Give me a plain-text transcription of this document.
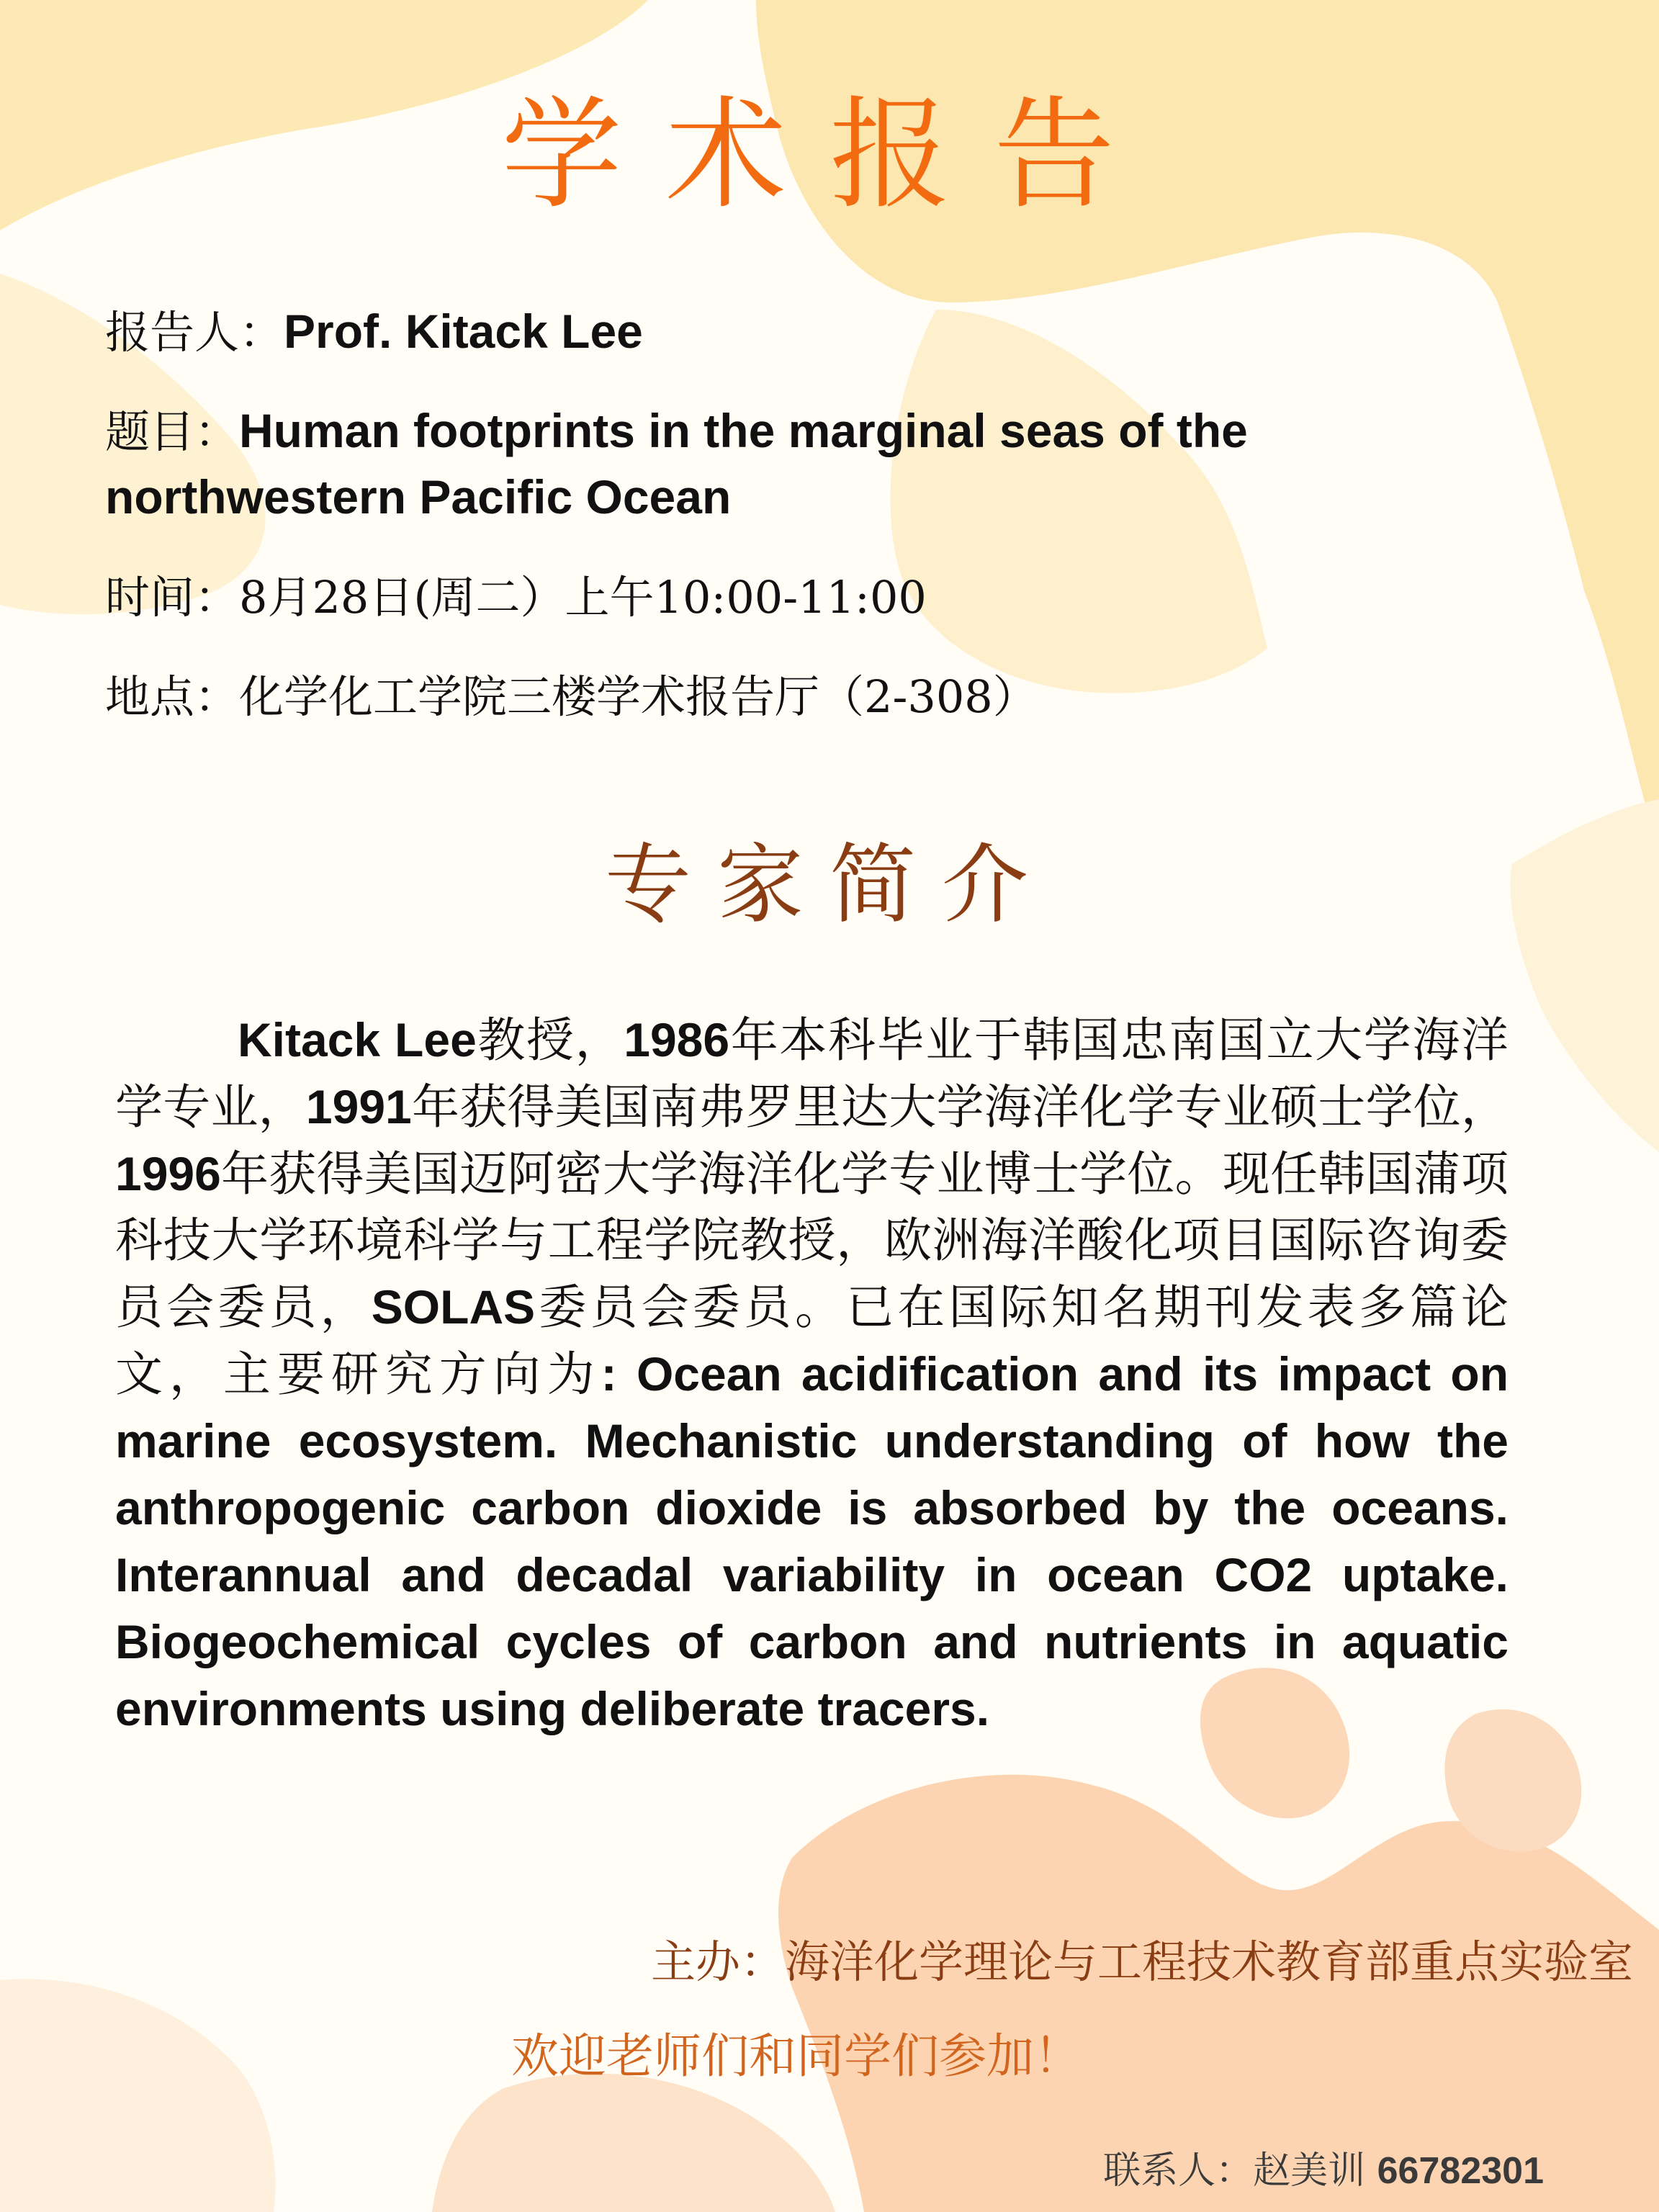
学术报告
报告人：Prof. Kitack Lee
题目：Human footprints in the marginal seas of the
northwestern Pacific Ocean
时间：8月28日(周二）上午10:00-11:00
地点：化学化工学院三楼学术报告厅（2-308）
专家简介

Kitack Lee教授，1986年本科毕业于韩国忠南国立大学海洋学专业，1991年获得美国南弗罗里达大学海洋化学专业硕士学位，1996年获得美国迈阿密大学海洋化学专业博士学位。现任韩国蒲项科技大学环境科学与工程学院教授，欧洲海洋酸化项目国际咨询委员会委员，SOLAS委员会委员。已在国际知名期刊发表多篇论文，主要研究方向为: Ocean acidification and its impact on marine ecosystem. Mechanistic understanding of how the anthropogenic carbon dioxide is absorbed by the oceans. Interannual and decadal variability in ocean CO2 uptake. Biogeochemical cycles of carbon and nutrients in aquatic environments using deliberate tracers.

主办：海洋化学理论与工程技术教育部重点实验室
欢迎老师们和同学们参加！
联系人：赵美训 66782301
